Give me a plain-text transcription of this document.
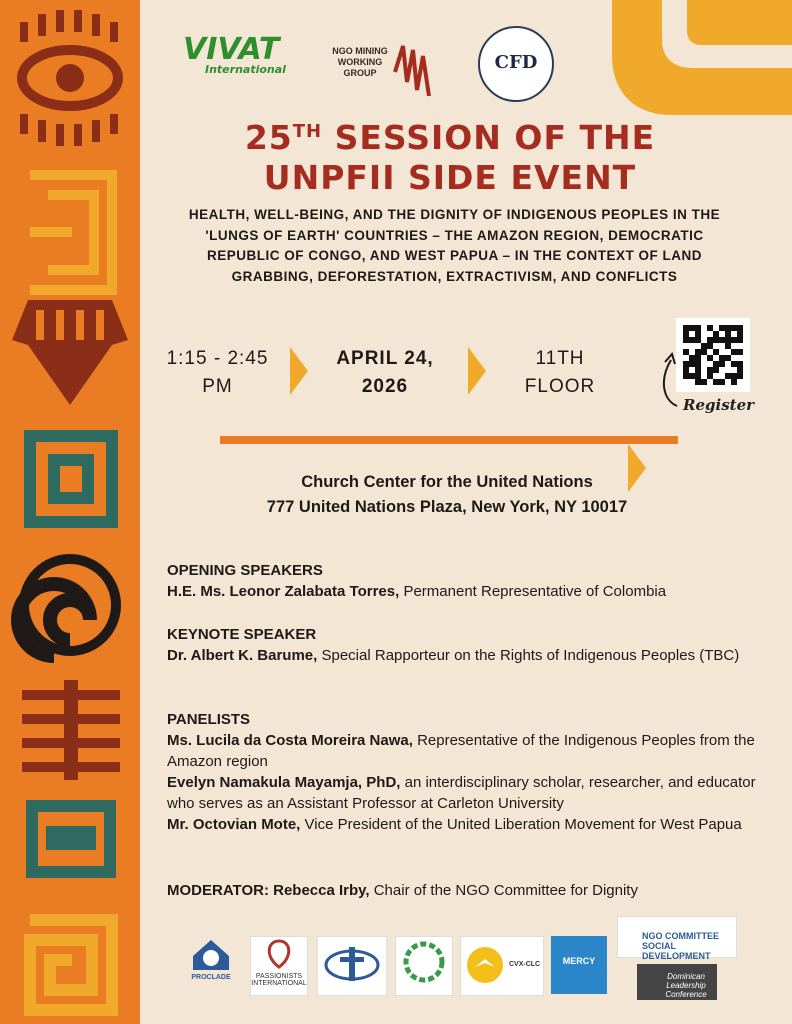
VIVAT
International
NGO MINING WORKING GROUP	CFD
25TH SESSION OF THE
UNPFII SIDE EVENT
HEALTH, WELL-BEING, AND THE DIGNITY OF INDIGENOUS PEOPLES IN THE 'LUNGS OF EARTH' COUNTRIES – THE AMAZON REGION, DEMOCRATIC REPUBLIC OF CONGO, AND WEST PAPUA – IN THE CONTEXT OF LAND GRABBING, DEFORESTATION, EXTRACTIVISM, AND CONFLICTS
1:15 - 2:45
PM
APRIL 24,
2026
11TH
FLOOR
Register
Church Center for the United Nations
777 United Nations Plaza, New York, NY 10017
OPENING SPEAKERS
H.E. Ms. Leonor Zalabata Torres, Permanent Representative of Colombia
KEYNOTE SPEAKER
Dr. Albert K. Barume, Special Rapporteur on the Rights of Indigenous Peoples (TBC)
PANELISTS
Ms. Lucila da Costa Moreira Nawa, Representative of the Indigenous Peoples from the Amazon region
Evelyn Namakula Mayamja, PhD, an interdisciplinary scholar, researcher, and educator who serves as an Assistant Professor at Carleton University
Mr. Octovian Mote, Vice President of the United Liberation Movement for West Papua
MODERATOR: Rebecca Irby, Chair of the NGO Committee for Dignity
PROCLADE	PASSIONISTS INTERNATIONAL
CVX-CLC	MERCY
NGO COMMITTEE SOCIAL DEVELOPMENT
Dominican Leadership Conference
